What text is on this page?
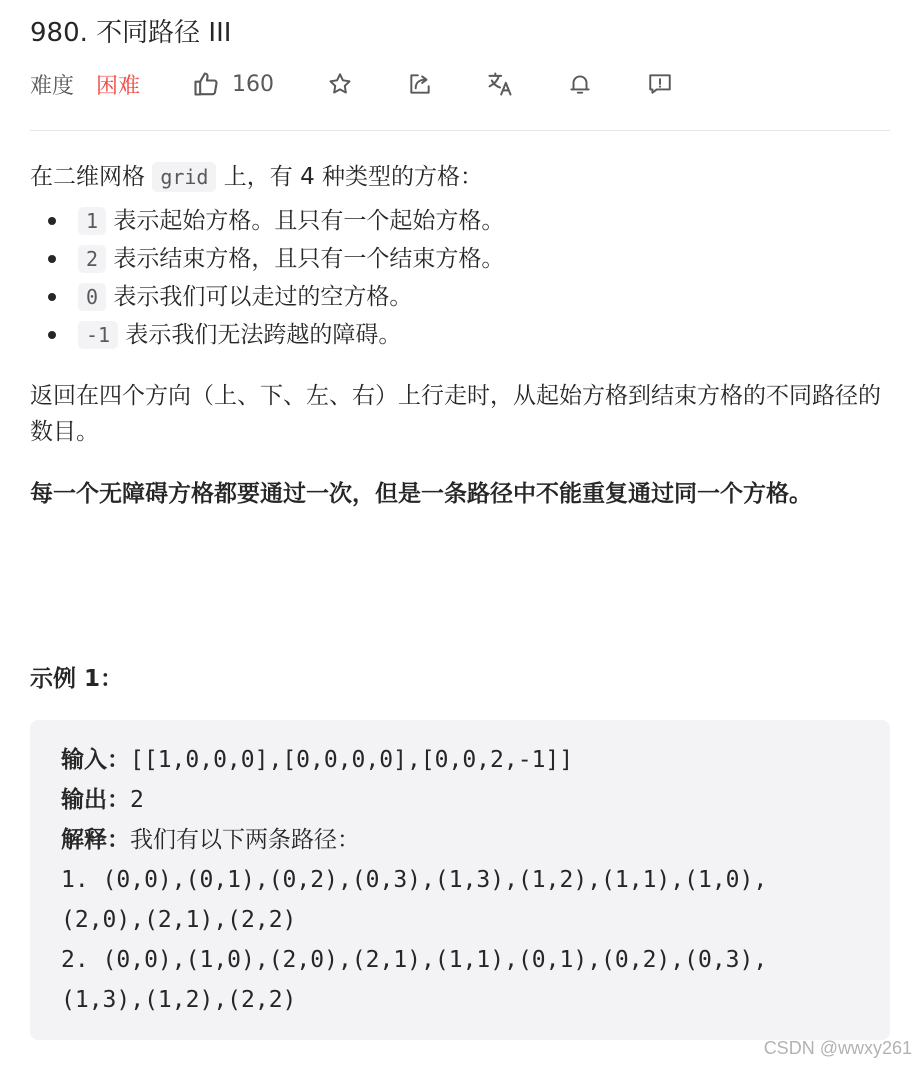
980. 不同路径 III
难度 困难	160

在二维网格 grid 上，有 4 种类型的方格：

1 表示起始方格。且只有一个起始方格。
2 表示结束方格，且只有一个结束方格。
0 表示我们可以走过的空方格。
-1 表示我们无法跨越的障碍。

返回在四个方向（上、下、左、右）上行走时，从起始方格到结束方格的不同路径的数目。

每一个无障碍方格都要通过一次，但是一条路径中不能重复通过同一个方格。

示例 1：
输入：[[1,0,0,0],[0,0,0,0],[0,0,2,-1]]
输出：2
解释：我们有以下两条路径：
1. (0,0),(0,1),(0,2),(0,3),(1,3),(1,2),(1,1),(1,0),
(2,0),(2,1),(2,2)
2. (0,0),(1,0),(2,0),(2,1),(1,1),(0,1),(0,2),(0,3),
(1,3),(1,2),(2,2)
CSDN @wwxy261
